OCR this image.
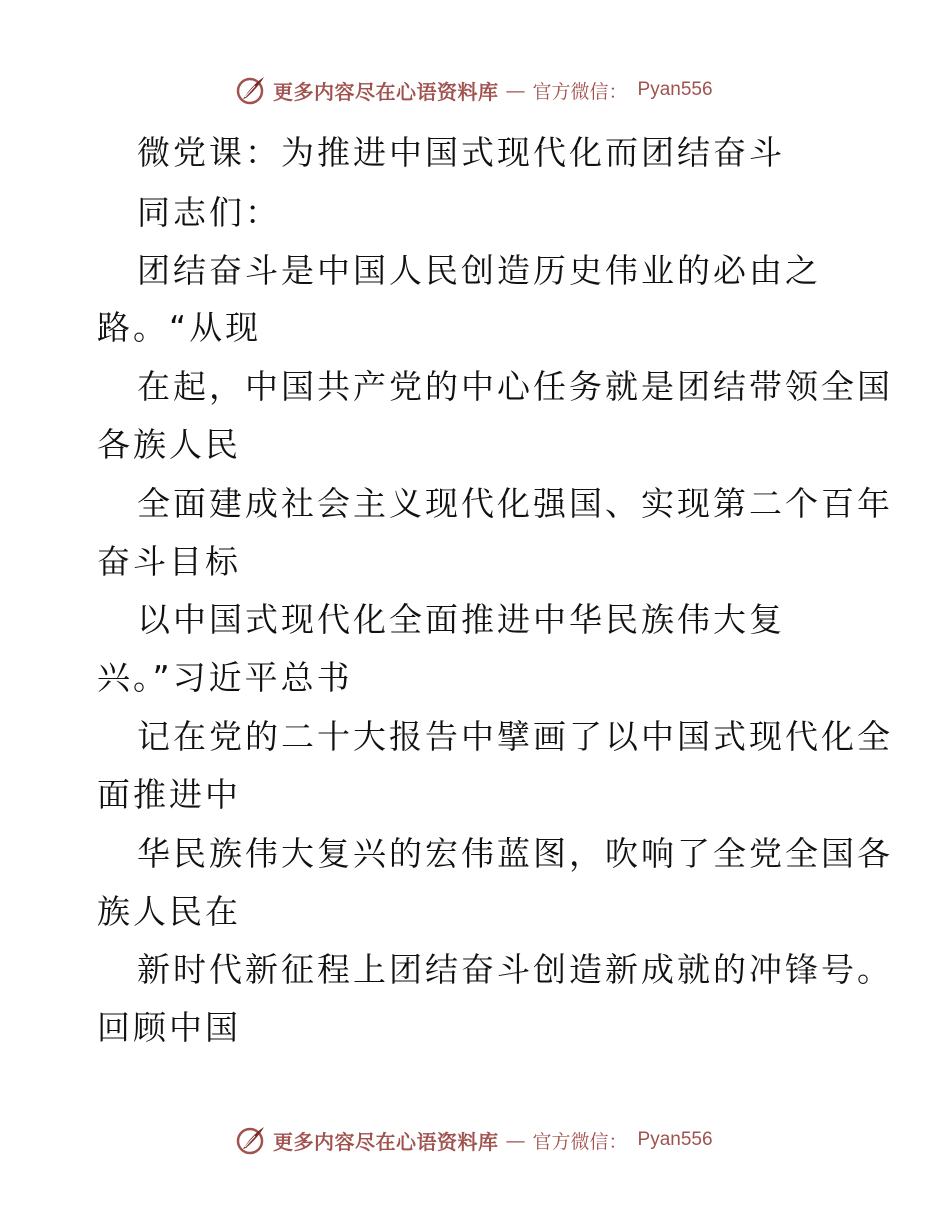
更多内容尽在心语资料库 — 官方微信： Pyan556
微党课：为推进中国式现代化而团结奋斗
同志们：
团结奋斗是中国人民创造历史伟业的必由之
路。“从现
在起，中国共产党的中心任务就是团结带领全国
各族人民
全面建成社会主义现代化强国、实现第二个百年
奋斗目标
以中国式现代化全面推进中华民族伟大复
兴。”习近平总书
记在党的二十大报告中擘画了以中国式现代化全
面推进中
华民族伟大复兴的宏伟蓝图，吹响了全党全国各
族人民在
新时代新征程上团结奋斗创造新成就的冲锋号。
回顾中国
更多内容尽在心语资料库 — 官方微信： Pyan556
